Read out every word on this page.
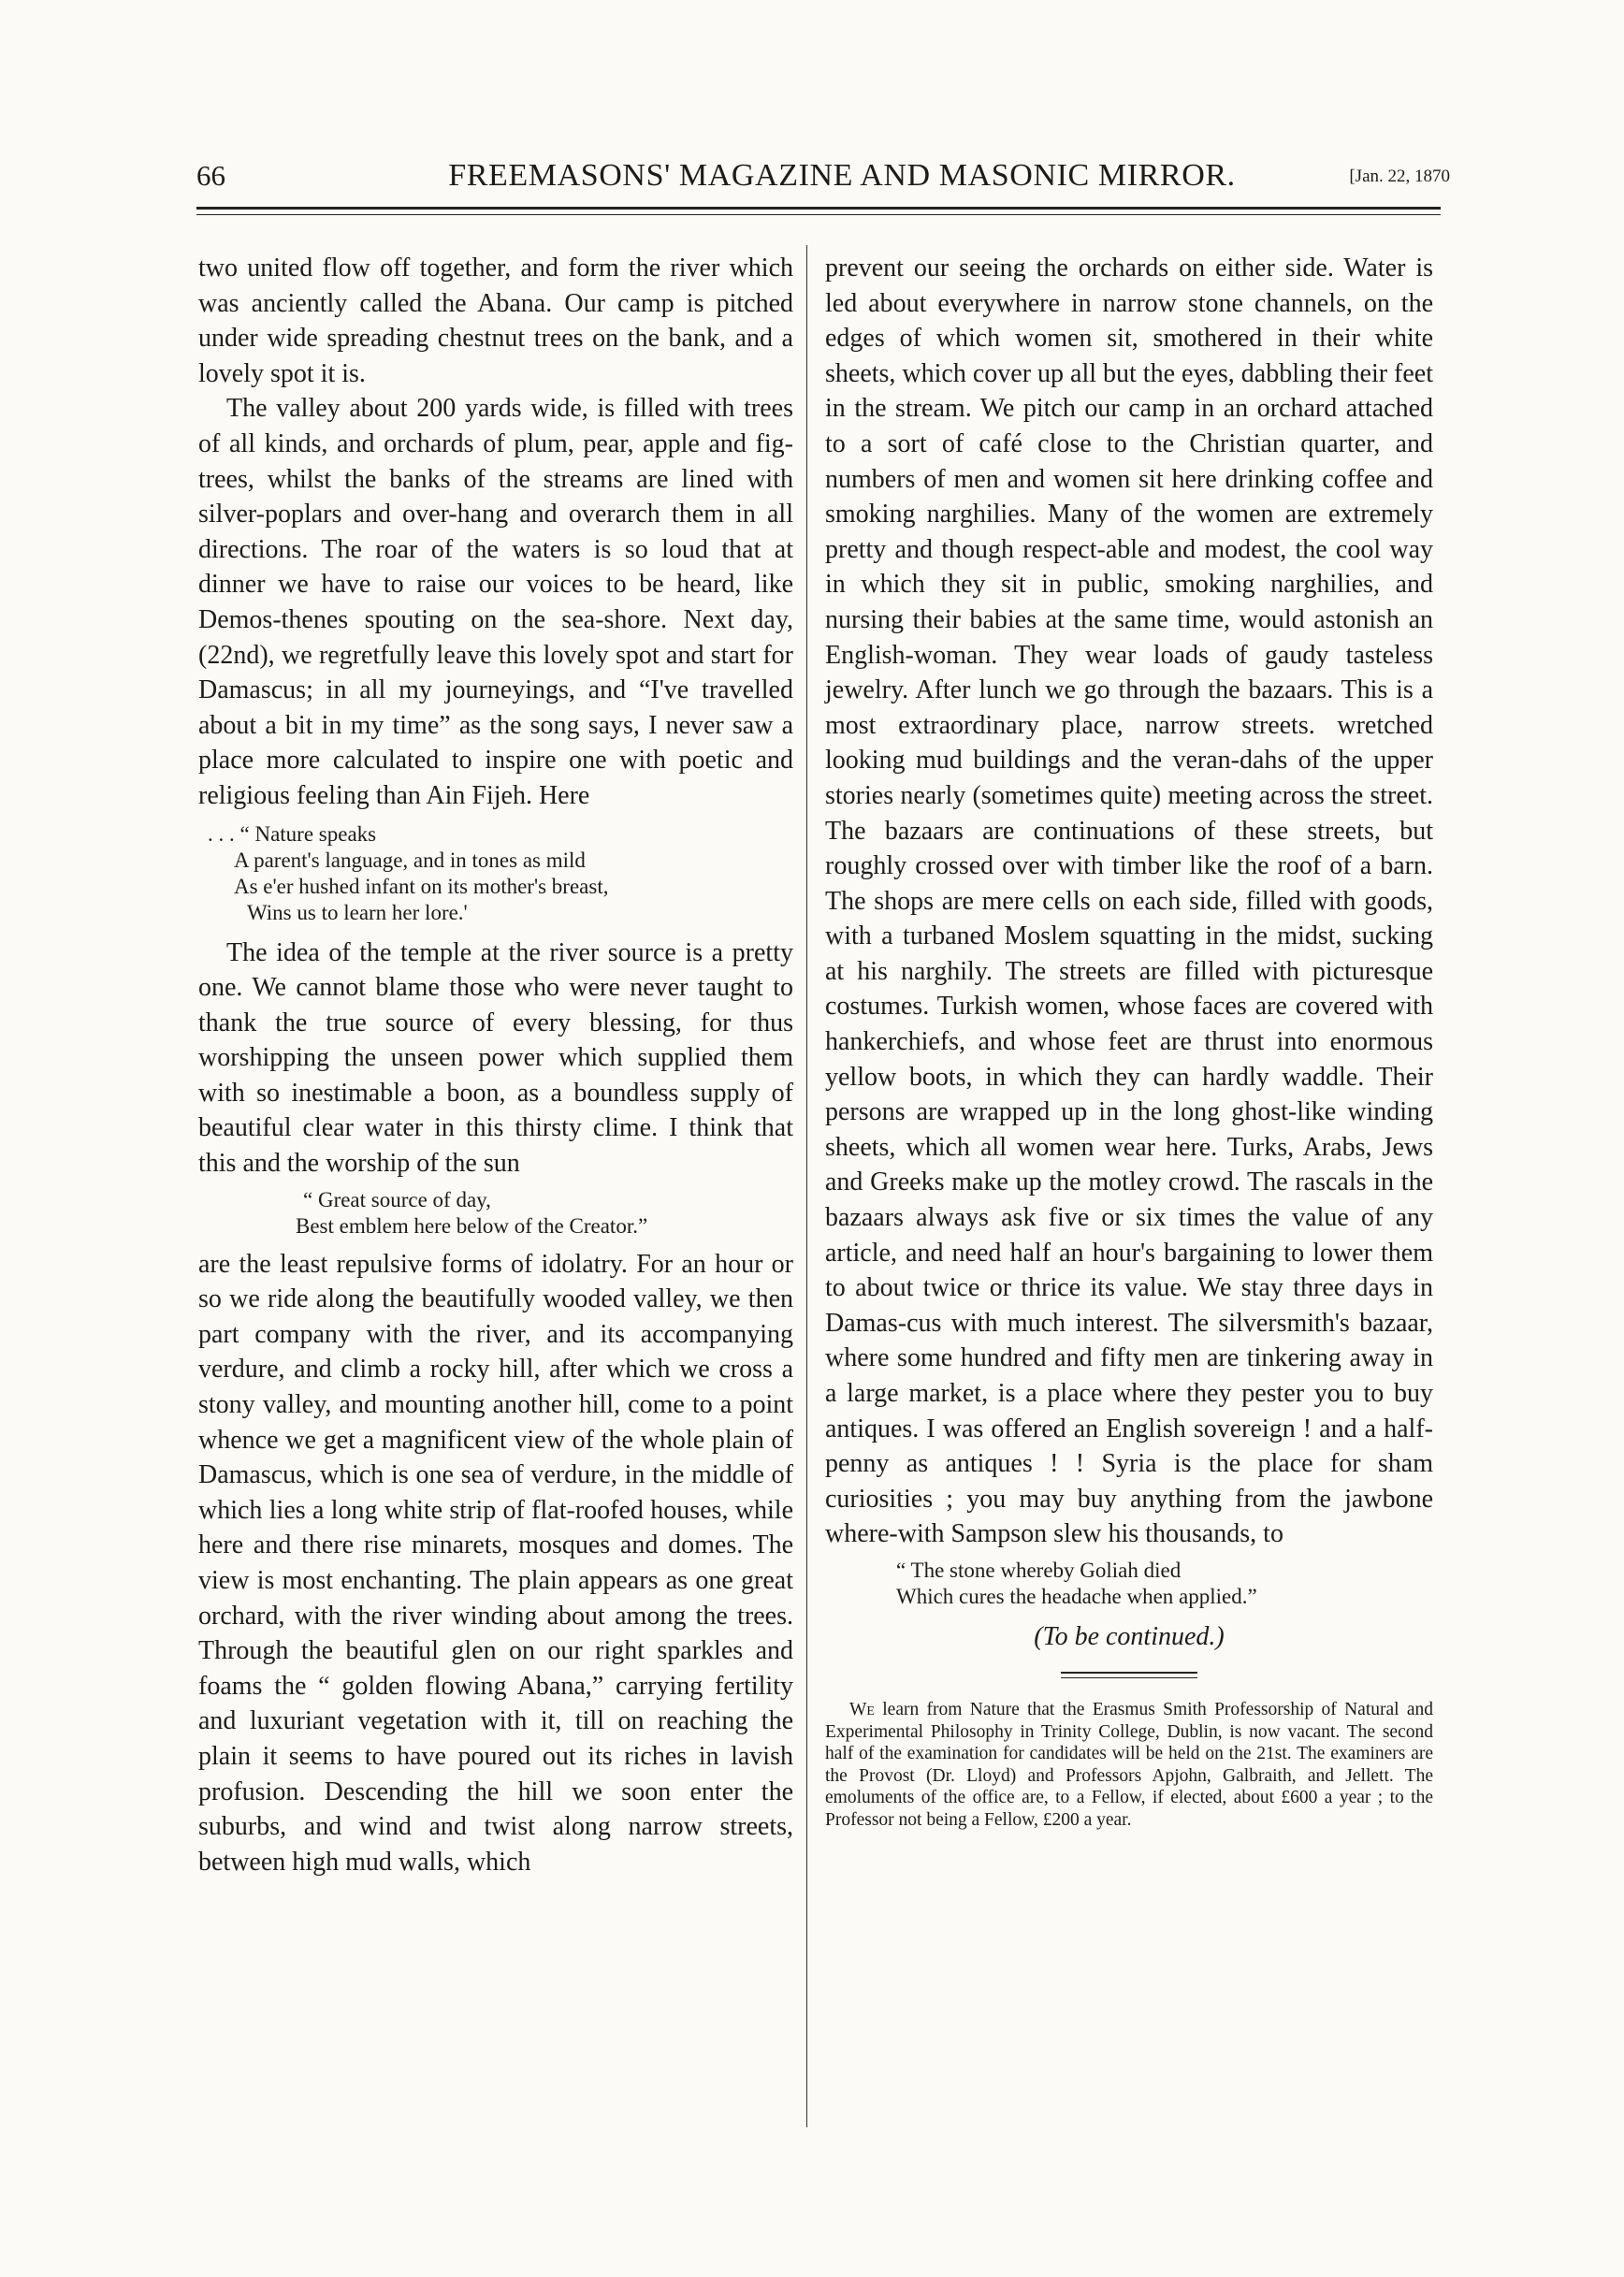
66	FREEMASONS' MAGAZINE AND MASONIC MIRROR.	[Jan. 22, 1870

two united flow off together, and form the river which was anciently called the Abana. Our camp is pitched under wide spreading chestnut trees on the bank, and a lovely spot it is.

The valley about 200 yards wide, is filled with trees of all kinds, and orchards of plum, pear, apple and fig-trees, whilst the banks of the streams are lined with silver-poplars and over-hang and overarch them in all directions. The roar of the waters is so loud that at dinner we have to raise our voices to be heard, like Demos-thenes spouting on the sea-shore. Next day, (22nd), we regretfully leave this lovely spot and start for Damascus; in all my journeyings, and “I've travelled about a bit in my time” as the song says, I never saw a place more calculated to inspire one with poetic and religious feeling than Ain Fijeh. Here

. . . “ Nature speaks
A parent's language, and in tones as mild
As e'er hushed infant on its mother's breast,
Wins us to learn her lore.'

The idea of the temple at the river source is a pretty one. We cannot blame those who were never taught to thank the true source of every blessing, for thus worshipping the unseen power which supplied them with so inestimable a boon, as a boundless supply of beautiful clear water in this thirsty clime. I think that this and the worship of the sun

“ Great source of day,
Best emblem here below of the Creator.”

are the least repulsive forms of idolatry. For an hour or so we ride along the beautifully wooded valley, we then part company with the river, and its accompanying verdure, and climb a rocky hill, after which we cross a stony valley, and mounting another hill, come to a point whence we get a magnificent view of the whole plain of Damascus, which is one sea of verdure, in the middle of which lies a long white strip of flat-roofed houses, while here and there rise minarets, mosques and domes. The view is most enchanting. The plain appears as one great orchard, with the river winding about among the trees. Through the beautiful glen on our right sparkles and foams the “ golden flowing Abana,” carrying fertility and luxuriant vegetation with it, till on reaching the plain it seems to have poured out its riches in lavish profusion. Descending the hill we soon enter the suburbs, and wind and twist along narrow streets, between high mud walls, which

prevent our seeing the orchards on either side. Water is led about everywhere in narrow stone channels, on the edges of which women sit, smothered in their white sheets, which cover up all but the eyes, dabbling their feet in the stream. We pitch our camp in an orchard attached to a sort of café close to the Christian quarter, and numbers of men and women sit here drinking coffee and smoking narghilies. Many of the women are extremely pretty and though respect-able and modest, the cool way in which they sit in public, smoking narghilies, and nursing their babies at the same time, would astonish an English-woman. They wear loads of gaudy tasteless jewelry. After lunch we go through the bazaars. This is a most extraordinary place, narrow streets. wretched looking mud buildings and the veran-dahs of the upper stories nearly (sometimes quite) meeting across the street. The bazaars are continuations of these streets, but roughly crossed over with timber like the roof of a barn. The shops are mere cells on each side, filled with goods, with a turbaned Moslem squatting in the midst, sucking at his narghily. The streets are filled with picturesque costumes. Turkish women, whose faces are covered with hankerchiefs, and whose feet are thrust into enormous yellow boots, in which they can hardly waddle. Their persons are wrapped up in the long ghost-like winding sheets, which all women wear here. Turks, Arabs, Jews and Greeks make up the motley crowd. The rascals in the bazaars always ask five or six times the value of any article, and need half an hour's bargaining to lower them to about twice or thrice its value. We stay three days in Damas-cus with much interest. The silversmith's bazaar, where some hundred and fifty men are tinkering away in a large market, is a place where they pester you to buy antiques. I was offered an English sovereign ! and a half-penny as antiques ! ! Syria is the place for sham curiosities ; you may buy anything from the jawbone where-with Sampson slew his thousands, to

“ The stone whereby Goliah died
Which cures the headache when applied.”
(To be continued.)

We learn from Nature that the Erasmus Smith Professorship of Natural and Experimental Philosophy in Trinity College, Dublin, is now vacant. The second half of the examination for candidates will be held on the 21st. The examiners are the Provost (Dr. Lloyd) and Professors Apjohn, Galbraith, and Jellett. The emoluments of the office are, to a Fellow, if elected, about £600 a year ; to the Professor not being a Fellow, £200 a year.
